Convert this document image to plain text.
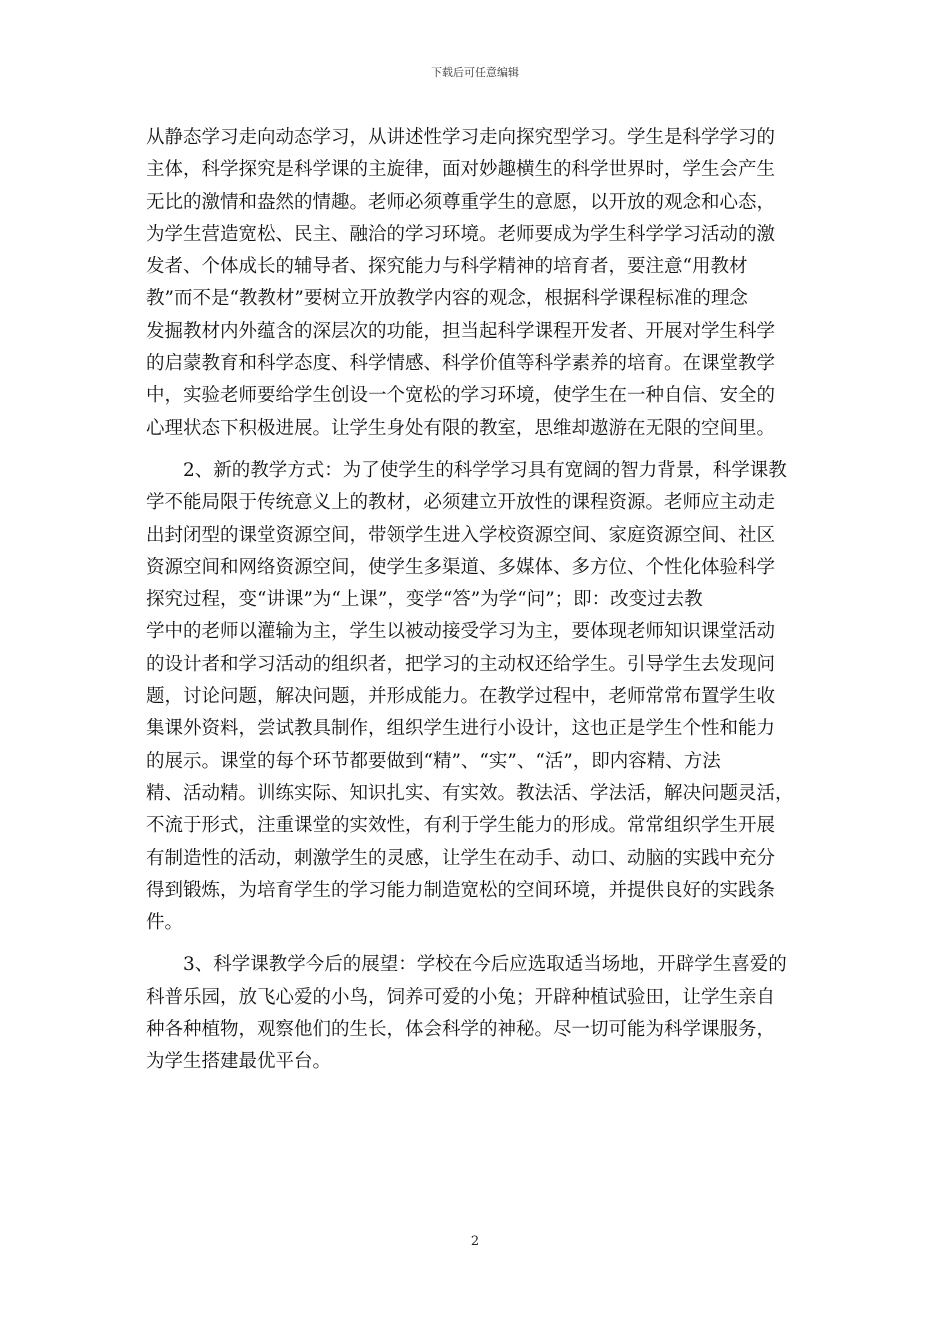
下载后可任意编辑
从静态学习走向动态学习，从讲述性学习走向探究型学习。学生是科学学习的
主体，科学探究是科学课的主旋律，面对妙趣横生的科学世界时，学生会产生
无比的激情和盎然的情趣。老师必须尊重学生的意愿，以开放的观念和心态，
为学生营造宽松、民主、融洽的学习环境。老师要成为学生科学学习活动的激
发者、个体成长的辅导者、探究能力与科学精神的培育者，要注意“用教材
教”而不是“教教材”要树立开放教学内容的观念，根据科学课程标准的理念
发掘教材内外蕴含的深层次的功能，担当起科学课程开发者、开展对学生科学
的启蒙教育和科学态度、科学情感、科学价值等科学素养的培育。在课堂教学
中，实验老师要给学生创设一个宽松的学习环境，使学生在一种自信、安全的
心理状态下积极进展。让学生身处有限的教室，思维却遨游在无限的空间里。
　　2、新的教学方式：为了使学生的科学学习具有宽阔的智力背景，科学课教
学不能局限于传统意义上的教材，必须建立开放性的课程资源。老师应主动走
出封闭型的课堂资源空间，带领学生进入学校资源空间、家庭资源空间、社区
资源空间和网络资源空间，使学生多渠道、多媒体、多方位、个性化体验科学
探究过程，变“讲课”为“上课”，变学“答”为学“问”；即：改变过去教
学中的老师以灌输为主，学生以被动接受学习为主，要体现老师知识课堂活动
的设计者和学习活动的组织者，把学习的主动权还给学生。引导学生去发现问
题，讨论问题，解决问题，并形成能力。在教学过程中，老师常常布置学生收
集课外资料，尝试教具制作，组织学生进行小设计，这也正是学生个性和能力
的展示。课堂的每个环节都要做到“精”、“实”、“活”，即内容精、方法
精、活动精。训练实际、知识扎实、有实效。教法活、学法活，解决问题灵活，
不流于形式，注重课堂的实效性，有利于学生能力的形成。常常组织学生开展
有制造性的活动，刺激学生的灵感，让学生在动手、动口、动脑的实践中充分
得到锻炼，为培育学生的学习能力制造宽松的空间环境，并提供良好的实践条
件。
　　3、科学课教学今后的展望：学校在今后应选取适当场地，开辟学生喜爱的
科普乐园，放飞心爱的小鸟，饲养可爱的小兔；开辟种植试验田，让学生亲自
种各种植物，观察他们的生长，体会科学的神秘。尽一切可能为科学课服务，
为学生搭建最优平台。
2
